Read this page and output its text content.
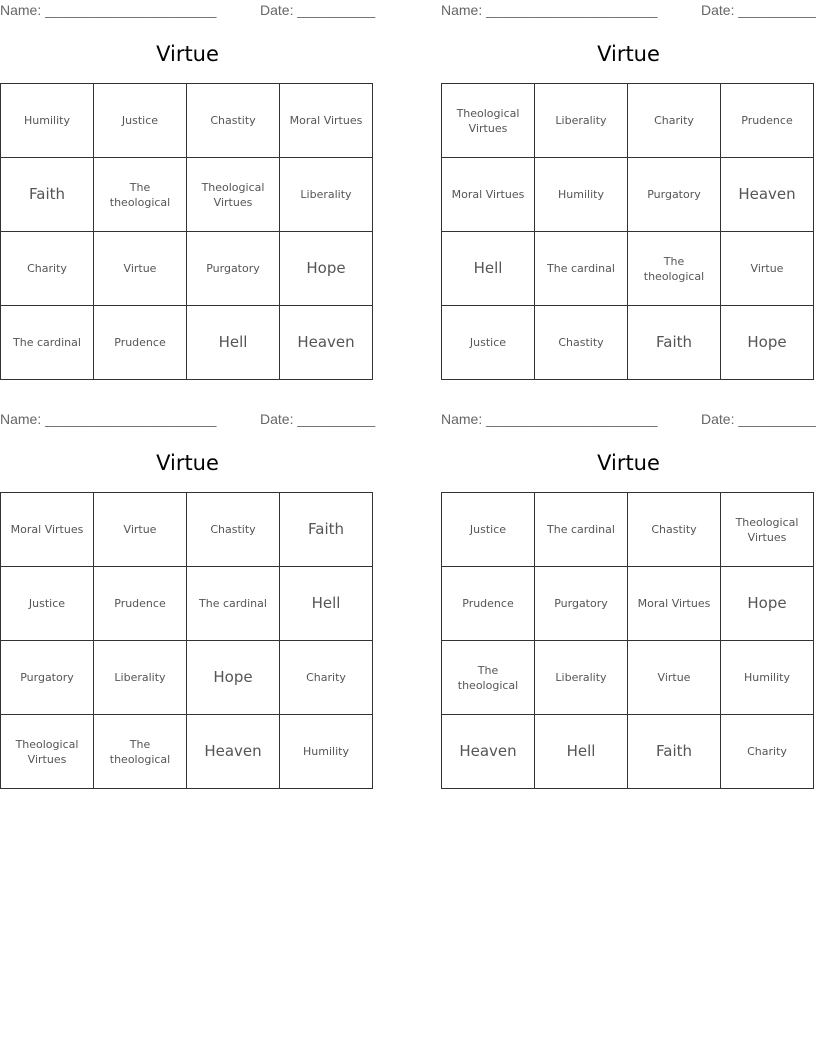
Name: ______________________	Date: __________
Virtue
Humility	Justice	Chastity	Moral Virtues
Faith	The theological	Theological Virtues	Liberality
Charity	Virtue	Purgatory	Hope
The cardinal	Prudence	Hell	Heaven
Name: ______________________	Date: __________
Virtue
Theological Virtues	Liberality	Charity	Prudence
Moral Virtues	Humility	Purgatory	Heaven
Hell	The cardinal	The theological	Virtue
Justice	Chastity	Faith	Hope
Name: ______________________	Date: __________
Virtue
Moral Virtues	Virtue	Chastity	Faith
Justice	Prudence	The cardinal	Hell
Purgatory	Liberality	Hope	Charity
Theological Virtues	The theological	Heaven	Humility
Name: ______________________	Date: __________
Virtue
Justice	The cardinal	Chastity	Theological Virtues
Prudence	Purgatory	Moral Virtues	Hope
The theological	Liberality	Virtue	Humility
Heaven	Hell	Faith	Charity
